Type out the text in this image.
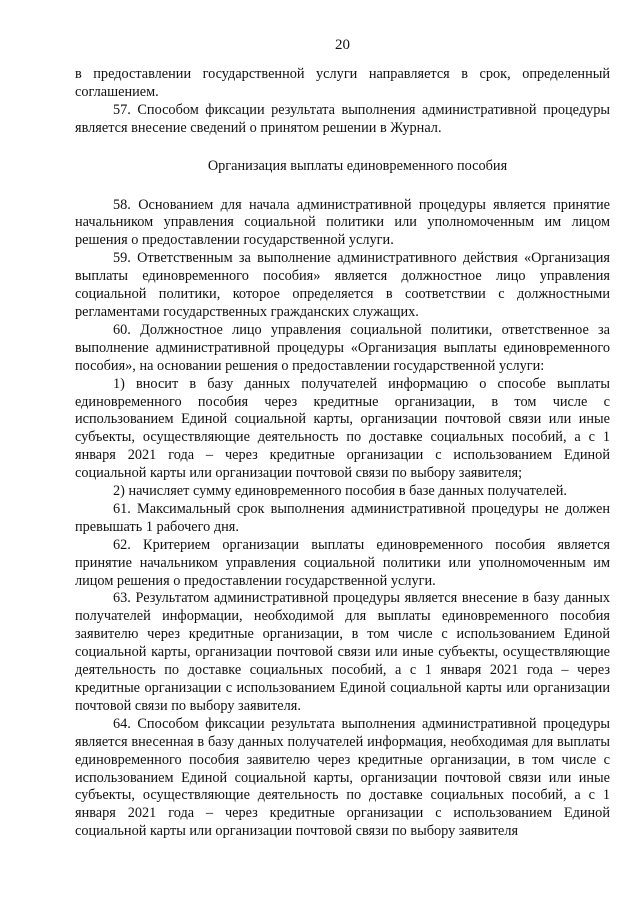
20

в предоставлении государственной услуги направляется в срок, определенный соглашением.

57. Способом фиксации результата выполнения административной процедуры является внесение сведений о принятом решении в Журнал.

Организация выплаты единовременного пособия

58. Основанием для начала административной процедуры является принятие начальником управления социальной политики или уполномоченным им лицом решения о предоставлении государственной услуги.

59. Ответственным за выполнение административного действия «Организация выплаты единовременного пособия» является должностное лицо управления социальной политики, которое определяется в соответствии с должностными регламентами государственных гражданских служащих.

60. Должностное лицо управления социальной политики, ответственное за выполнение административной процедуры «Организация выплаты единовременного пособия», на основании решения о предоставлении государственной услуги:

1) вносит в базу данных получателей информацию о способе выплаты единовременного пособия через кредитные организации, в том числе с использованием Единой социальной карты, организации почтовой связи или иные субъекты, осуществляющие деятельность по доставке социальных пособий, а с 1 января 2021 года – через кредитные организации с использованием Единой социальной карты или организации почтовой связи по выбору заявителя;

2) начисляет сумму единовременного пособия в базе данных получателей.

61. Максимальный срок выполнения административной процедуры не должен превышать 1 рабочего дня.

62. Критерием организации выплаты единовременного пособия является принятие начальником управления социальной политики или уполномоченным им лицом решения о предоставлении государственной услуги.

63. Результатом административной процедуры является внесение в базу данных получателей информации, необходимой для выплаты единовременного пособия заявителю через кредитные организации, в том числе с использованием Единой социальной карты, организации почтовой связи или иные субъекты, осуществляющие деятельность по доставке социальных пособий, а с 1 января 2021 года – через кредитные организации с использованием Единой социальной карты или организации почтовой связи по выбору заявителя.

64. Способом фиксации результата выполнения административной процедуры является внесенная в базу данных получателей информация, необходимая для выплаты единовременного пособия заявителю через кредитные организации, в том числе с использованием Единой социальной карты, организации почтовой связи или иные субъекты, осуществляющие деятельность по доставке социальных пособий, а с 1 января 2021 года – через кредитные организации с использованием Единой социальной карты или организации почтовой связи по выбору заявителя
